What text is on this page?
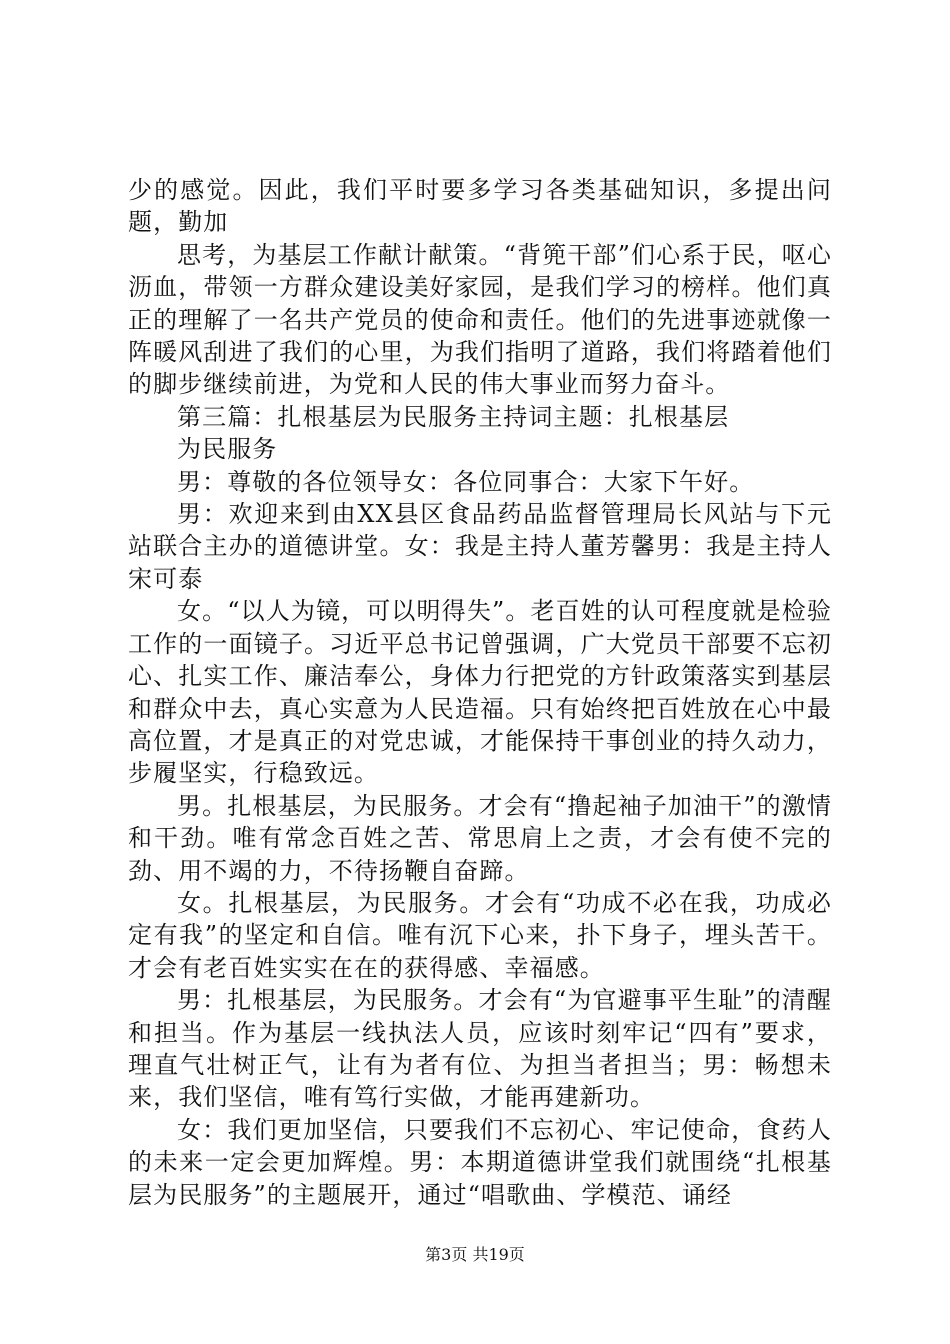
少的感觉。因此，我们平时要多学习各类基础知识，多提出问题，勤加

思考，为基层工作献计献策。“背篼干部”们心系于民，呕心沥血，带领一方群众建设美好家园，是我们学习的榜样。他们真正的理解了一名共产党员的使命和责任。他们的先进事迹就像一阵暖风刮进了我们的心里，为我们指明了道路，我们将踏着他们的脚步继续前进，为党和人民的伟大事业而努力奋斗。

第三篇：扎根基层为民服务主持词主题：扎根基层

为民服务

男：尊敬的各位领导女：各位同事合：大家下午好。

男：欢迎来到由XX县区食品药品监督管理局长风站与下元站联合主办的道德讲堂。女：我是主持人董芳馨男：我是主持人宋可泰

女。“以人为镜，可以明得失”。老百姓的认可程度就是检验工作的一面镜子。习近平总书记曾强调，广大党员干部要不忘初心、扎实工作、廉洁奉公，身体力行把党的方针政策落实到基层和群众中去，真心实意为人民造福。只有始终把百姓放在心中最高位置，才是真正的对党忠诚，才能保持干事创业的持久动力，步履坚实，行稳致远。

男。扎根基层，为民服务。才会有“撸起袖子加油干”的激情和干劲。唯有常念百姓之苦、常思肩上之责，才会有使不完的劲、用不竭的力，不待扬鞭自奋蹄。

女。扎根基层，为民服务。才会有“功成不必在我，功成必定有我”的坚定和自信。唯有沉下心来，扑下身子，埋头苦干。才会有老百姓实实在在的获得感、幸福感。

男：扎根基层，为民服务。才会有“为官避事平生耻”的清醒和担当。作为基层一线执法人员，应该时刻牢记“四有”要求，理直气壮树正气，让有为者有位、为担当者担当；男：畅想未来，我们坚信，唯有笃行实做，才能再建新功。

女：我们更加坚信，只要我们不忘初心、牢记使命，食药人的未来一定会更加辉煌。男：本期道德讲堂我们就围绕“扎根基层为民服务”的主题展开，通过“唱歌曲、学模范、诵经

第3页 共19页
